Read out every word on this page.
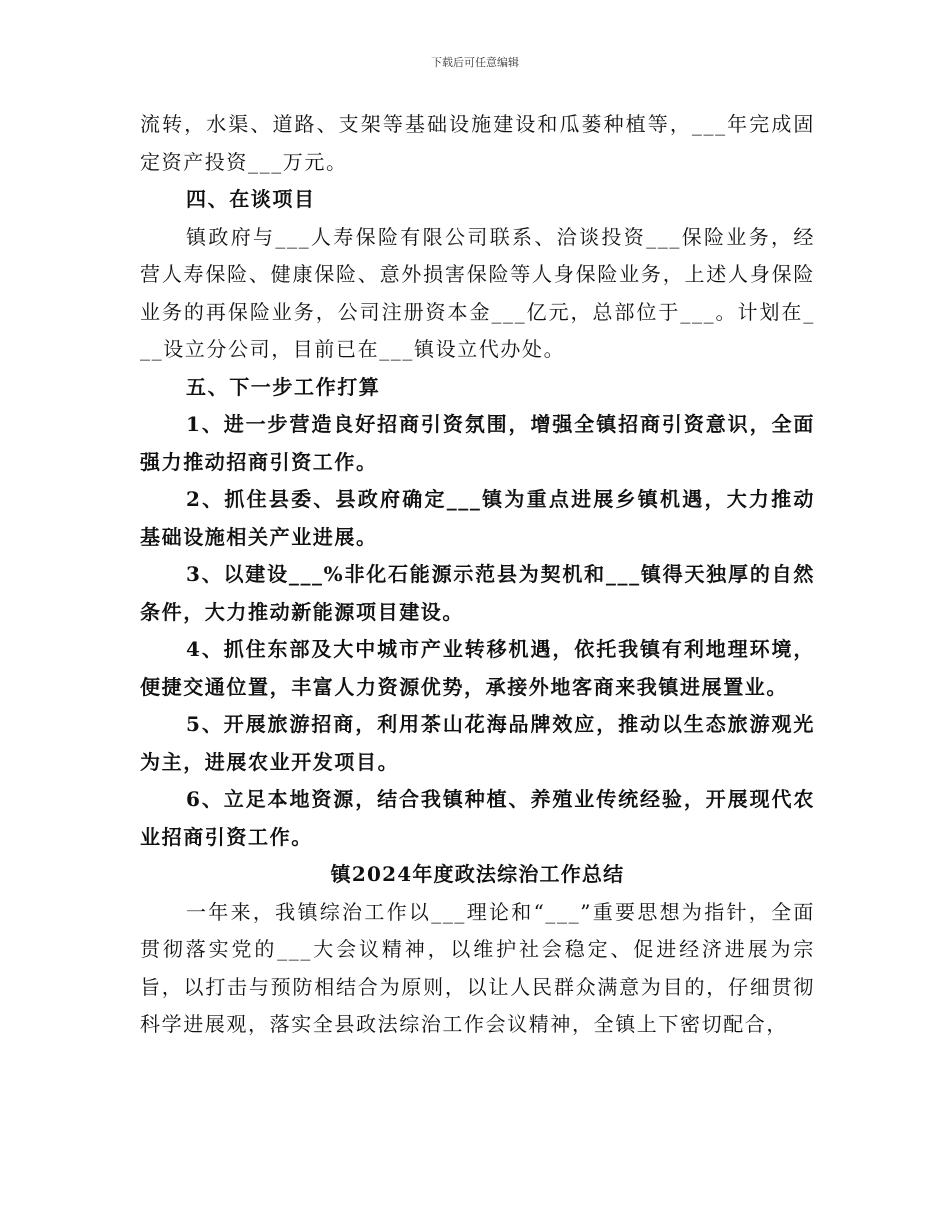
下载后可任意编辑

流转，水渠、道路、支架等基础设施建设和瓜蒌种植等，___年完成固定资产投资___万元。

四、在谈项目

镇政府与___人寿保险有限公司联系、洽谈投资___保险业务，经营人寿保险、健康保险、意外损害保险等人身保险业务，上述人身保险业务的再保险业务，公司注册资本金___亿元，总部位于___。计划在___设立分公司，目前已在___镇设立代办处。

五、下一步工作打算

1、进一步营造良好招商引资氛围，增强全镇招商引资意识，全面强力推动招商引资工作。

2、抓住县委、县政府确定___镇为重点进展乡镇机遇，大力推动基础设施相关产业进展。

3、以建设___%非化石能源示范县为契机和___镇得天独厚的自然条件，大力推动新能源项目建设。

4、抓住东部及大中城市产业转移机遇，依托我镇有利地理环境，便捷交通位置，丰富人力资源优势，承接外地客商来我镇进展置业。

5、开展旅游招商，利用茶山花海品牌效应，推动以生态旅游观光为主，进展农业开发项目。

6、立足本地资源，结合我镇种植、养殖业传统经验，开展现代农业招商引资工作。

镇2024年度政法综治工作总结

一年来，我镇综治工作以___理论和“___”重要思想为指针，全面贯彻落实党的___大会议精神，以维护社会稳定、促进经济进展为宗旨，以打击与预防相结合为原则，以让人民群众满意为目的，仔细贯彻科学进展观，落实全县政法综治工作会议精神，全镇上下密切配合，
